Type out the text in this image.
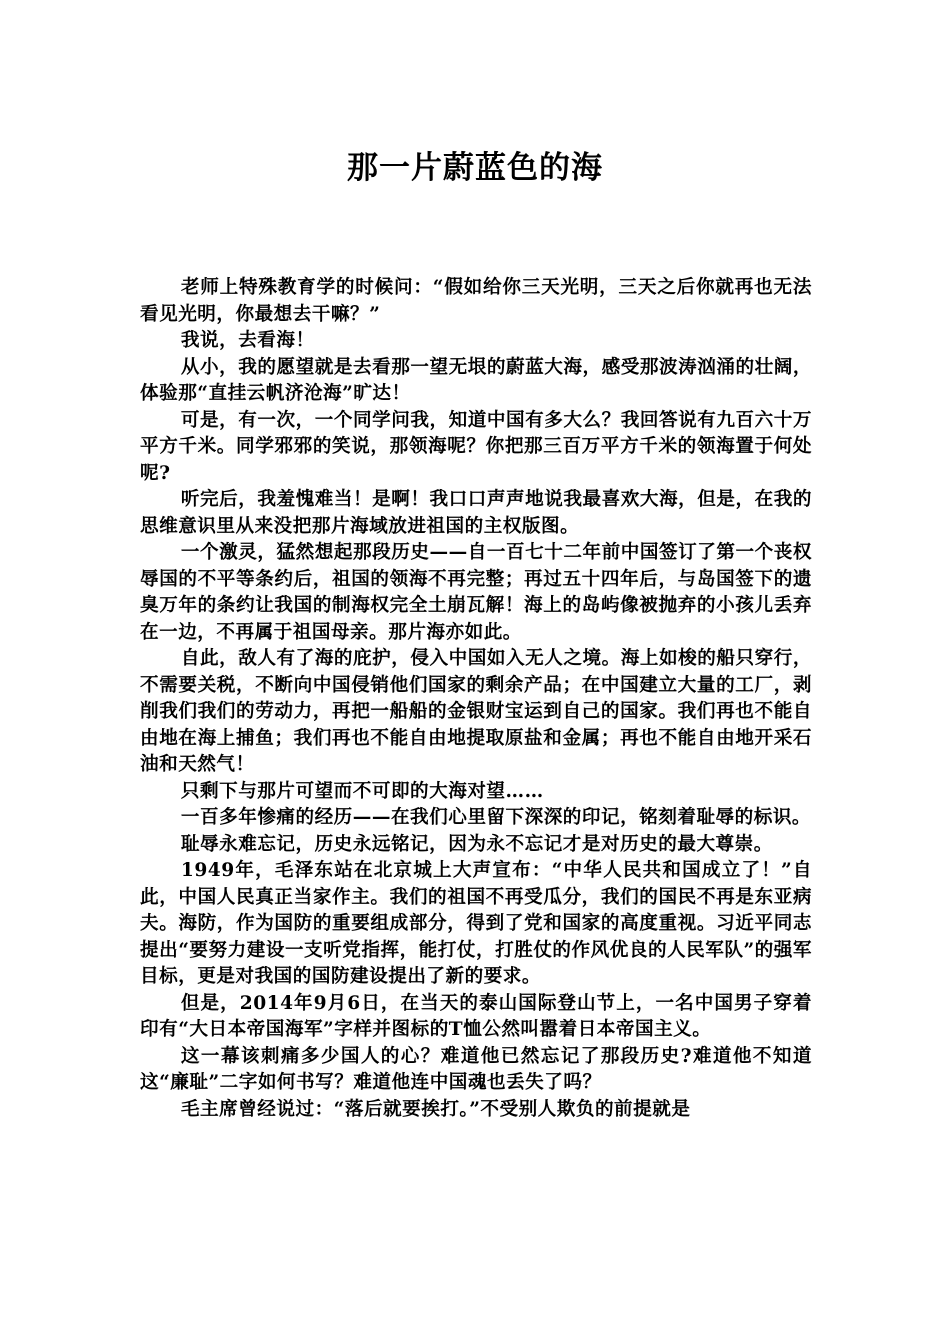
那一片蔚蓝色的海

老师上特殊教育学的时候问：“假如给你三天光明，三天之后你就再也无法看见光明，你最想去干嘛？”

我说，去看海！

从小，我的愿望就是去看那一望无垠的蔚蓝大海，感受那波涛汹涌的壮阔，体验那“直挂云帆济沧海”旷达！

可是，有一次，一个同学问我，知道中国有多大么？我回答说有九百六十万平方千米。同学邪邪的笑说，那领海呢？你把那三百万平方千米的领海置于何处呢?

听完后，我羞愧难当！是啊！我口口声声地说我最喜欢大海，但是，在我的思维意识里从来没把那片海域放进祖国的主权版图。

一个激灵，猛然想起那段历史——自一百七十二年前中国签订了第一个丧权辱国的不平等条约后，祖国的领海不再完整；再过五十四年后，与岛国签下的遗臭万年的条约让我国的制海权完全土崩瓦解！海上的岛屿像被抛弃的小孩儿丢弃在一边，不再属于祖国母亲。那片海亦如此。

自此，敌人有了海的庇护，侵入中国如入无人之境。海上如梭的船只穿行，不需要关税，不断向中国侵销他们国家的剩余产品；在中国建立大量的工厂，剥削我们我们的劳动力，再把一船船的金银财宝运到自己的国家。我们再也不能自由地在海上捕鱼；我们再也不能自由地提取原盐和金属；再也不能自由地开采石油和天然气！

只剩下与那片可望而不可即的大海对望……

一百多年惨痛的经历——在我们心里留下深深的印记，铭刻着耻辱的标识。

耻辱永难忘记，历史永远铭记，因为永不忘记才是对历史的最大尊崇。

1949年，毛泽东站在北京城上大声宣布：“中华人民共和国成立了！”自此，中国人民真正当家作主。我们的祖国不再受瓜分，我们的国民不再是东亚病夫。海防，作为国防的重要组成部分，得到了党和国家的高度重视。习近平同志提出“要努力建设一支听党指挥，能打仗，打胜仗的作风优良的人民军队”的强军目标，更是对我国的国防建设提出了新的要求。

但是，2014年9月6日，在当天的泰山国际登山节上，一名中国男子穿着印有“大日本帝国海军”字样并图标的T恤公然叫嚣着日本帝国主义。

这一幕该刺痛多少国人的心？难道他已然忘记了那段历史?难道他不知道这“廉耻”二字如何书写？难道他连中国魂也丢失了吗？

毛主席曾经说过：“落后就要挨打。”不受别人欺负的前提就是
